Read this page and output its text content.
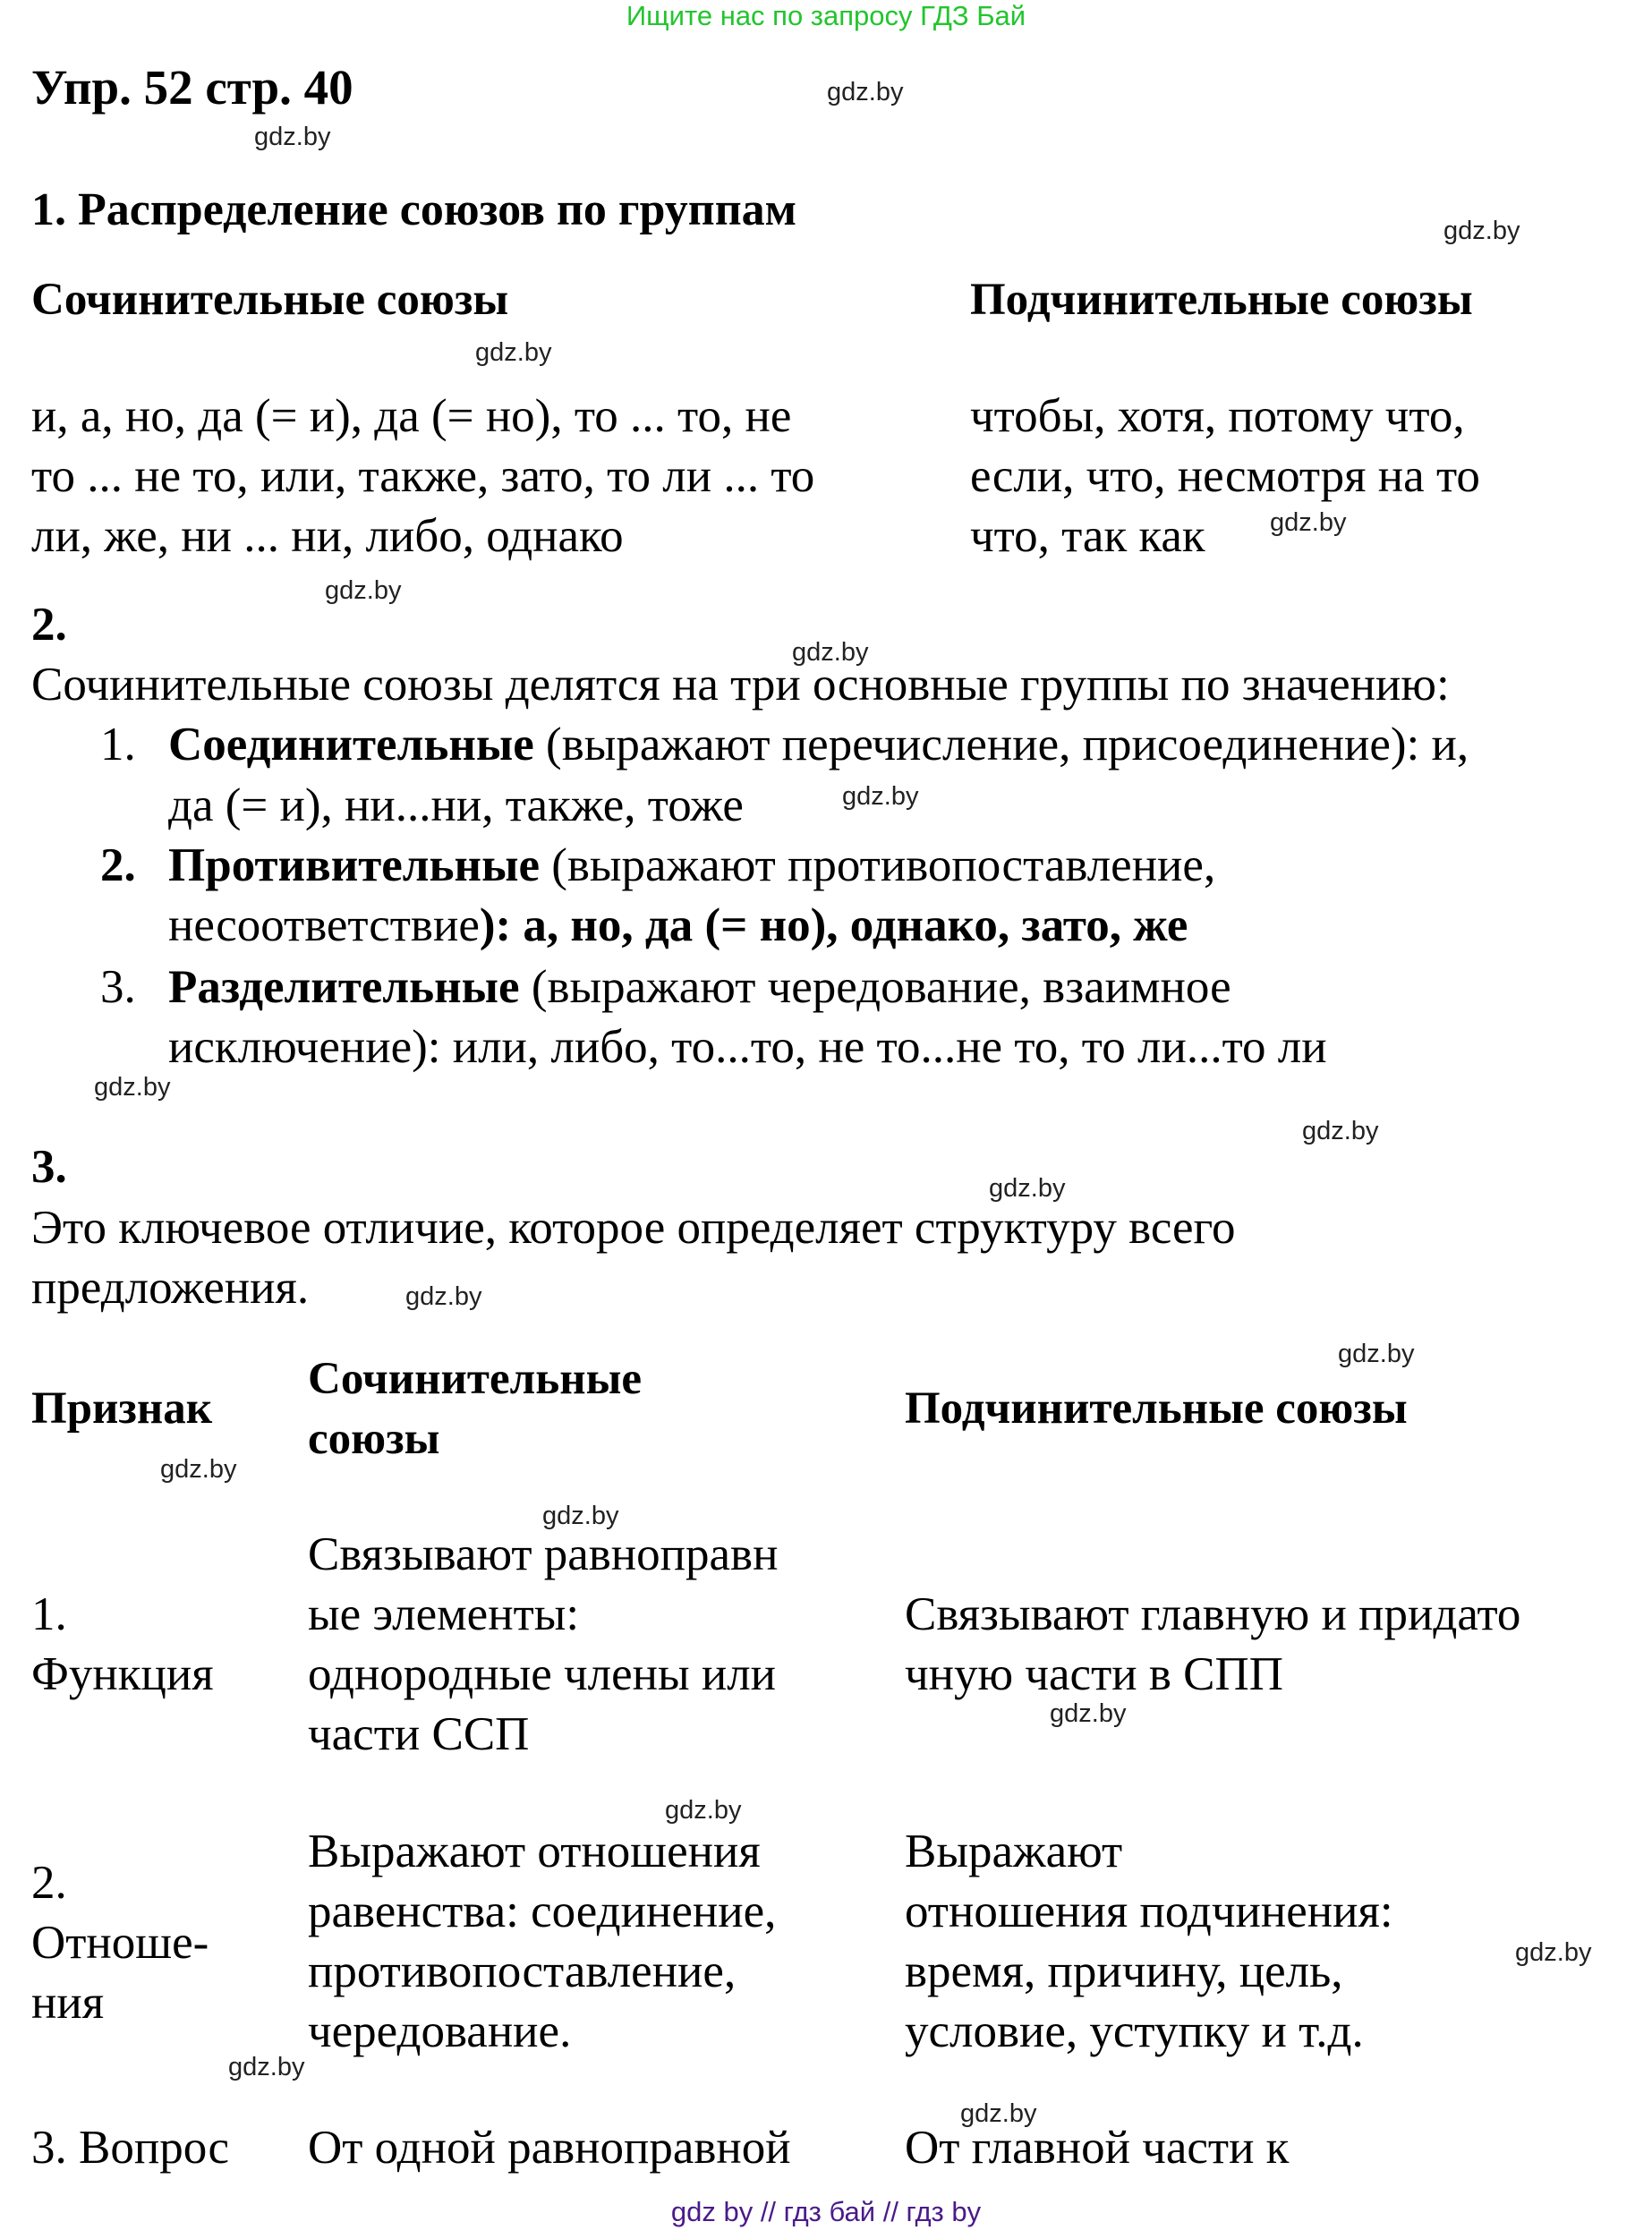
Ищите нас по запросу ГДЗ Бай
Упр. 52 стр. 40
1. Распределение союзов по группам
Сочинительные союзы	Подчинительные союзы
и, а, но, да (= и), да (= но), то ... то, не
то ... не то, или, также, зато, то ли ... то
ли, же, ни ... ни, либо, однако
чтобы, хотя, потому что,
если, что, несмотря на то
что, так как
2.
Сочинительные союзы делятся на три основные группы по значению:
1. Соединительные (выражают перечисление, присоединение): и,
да (= и), ни...ни, также, тоже
2. Противительные (выражают противопоставление,
несоответствие): а, но, да (= но), однако, зато, же
3. Разделительные (выражают чередование, взаимное
исключение): или, либо, то...то, не то...не то, то ли...то ли
3.
Это ключевое отличие, которое определяет структуру всего
предложения.
Признак
Сочинительные
союзы
Подчинительные союзы
1.
Функция
Связывают равноправн
ые элементы:
однородные члены или
части ССП
Связывают главную и придато
чную части в СПП
2.
Отноше-
ния
Выражают отношения
равенства: соединение,
противопоставление,
чередование.
Выражают
отношения подчинения:
время, причину, цель,
условие, уступку и т.д.
3. Вопрос От одной равноправной От главной части к
gdz.by
gdz.by
gdz.by
gdz.by
gdz.by
gdz.by
gdz.by
gdz.by
gdz.by
gdz.by
gdz.by
gdz.by
gdz.by
gdz.by
gdz.by
gdz.by
gdz.by
gdz.by
gdz.by
gdz.by
gdz by // гдз бай // гдз by
